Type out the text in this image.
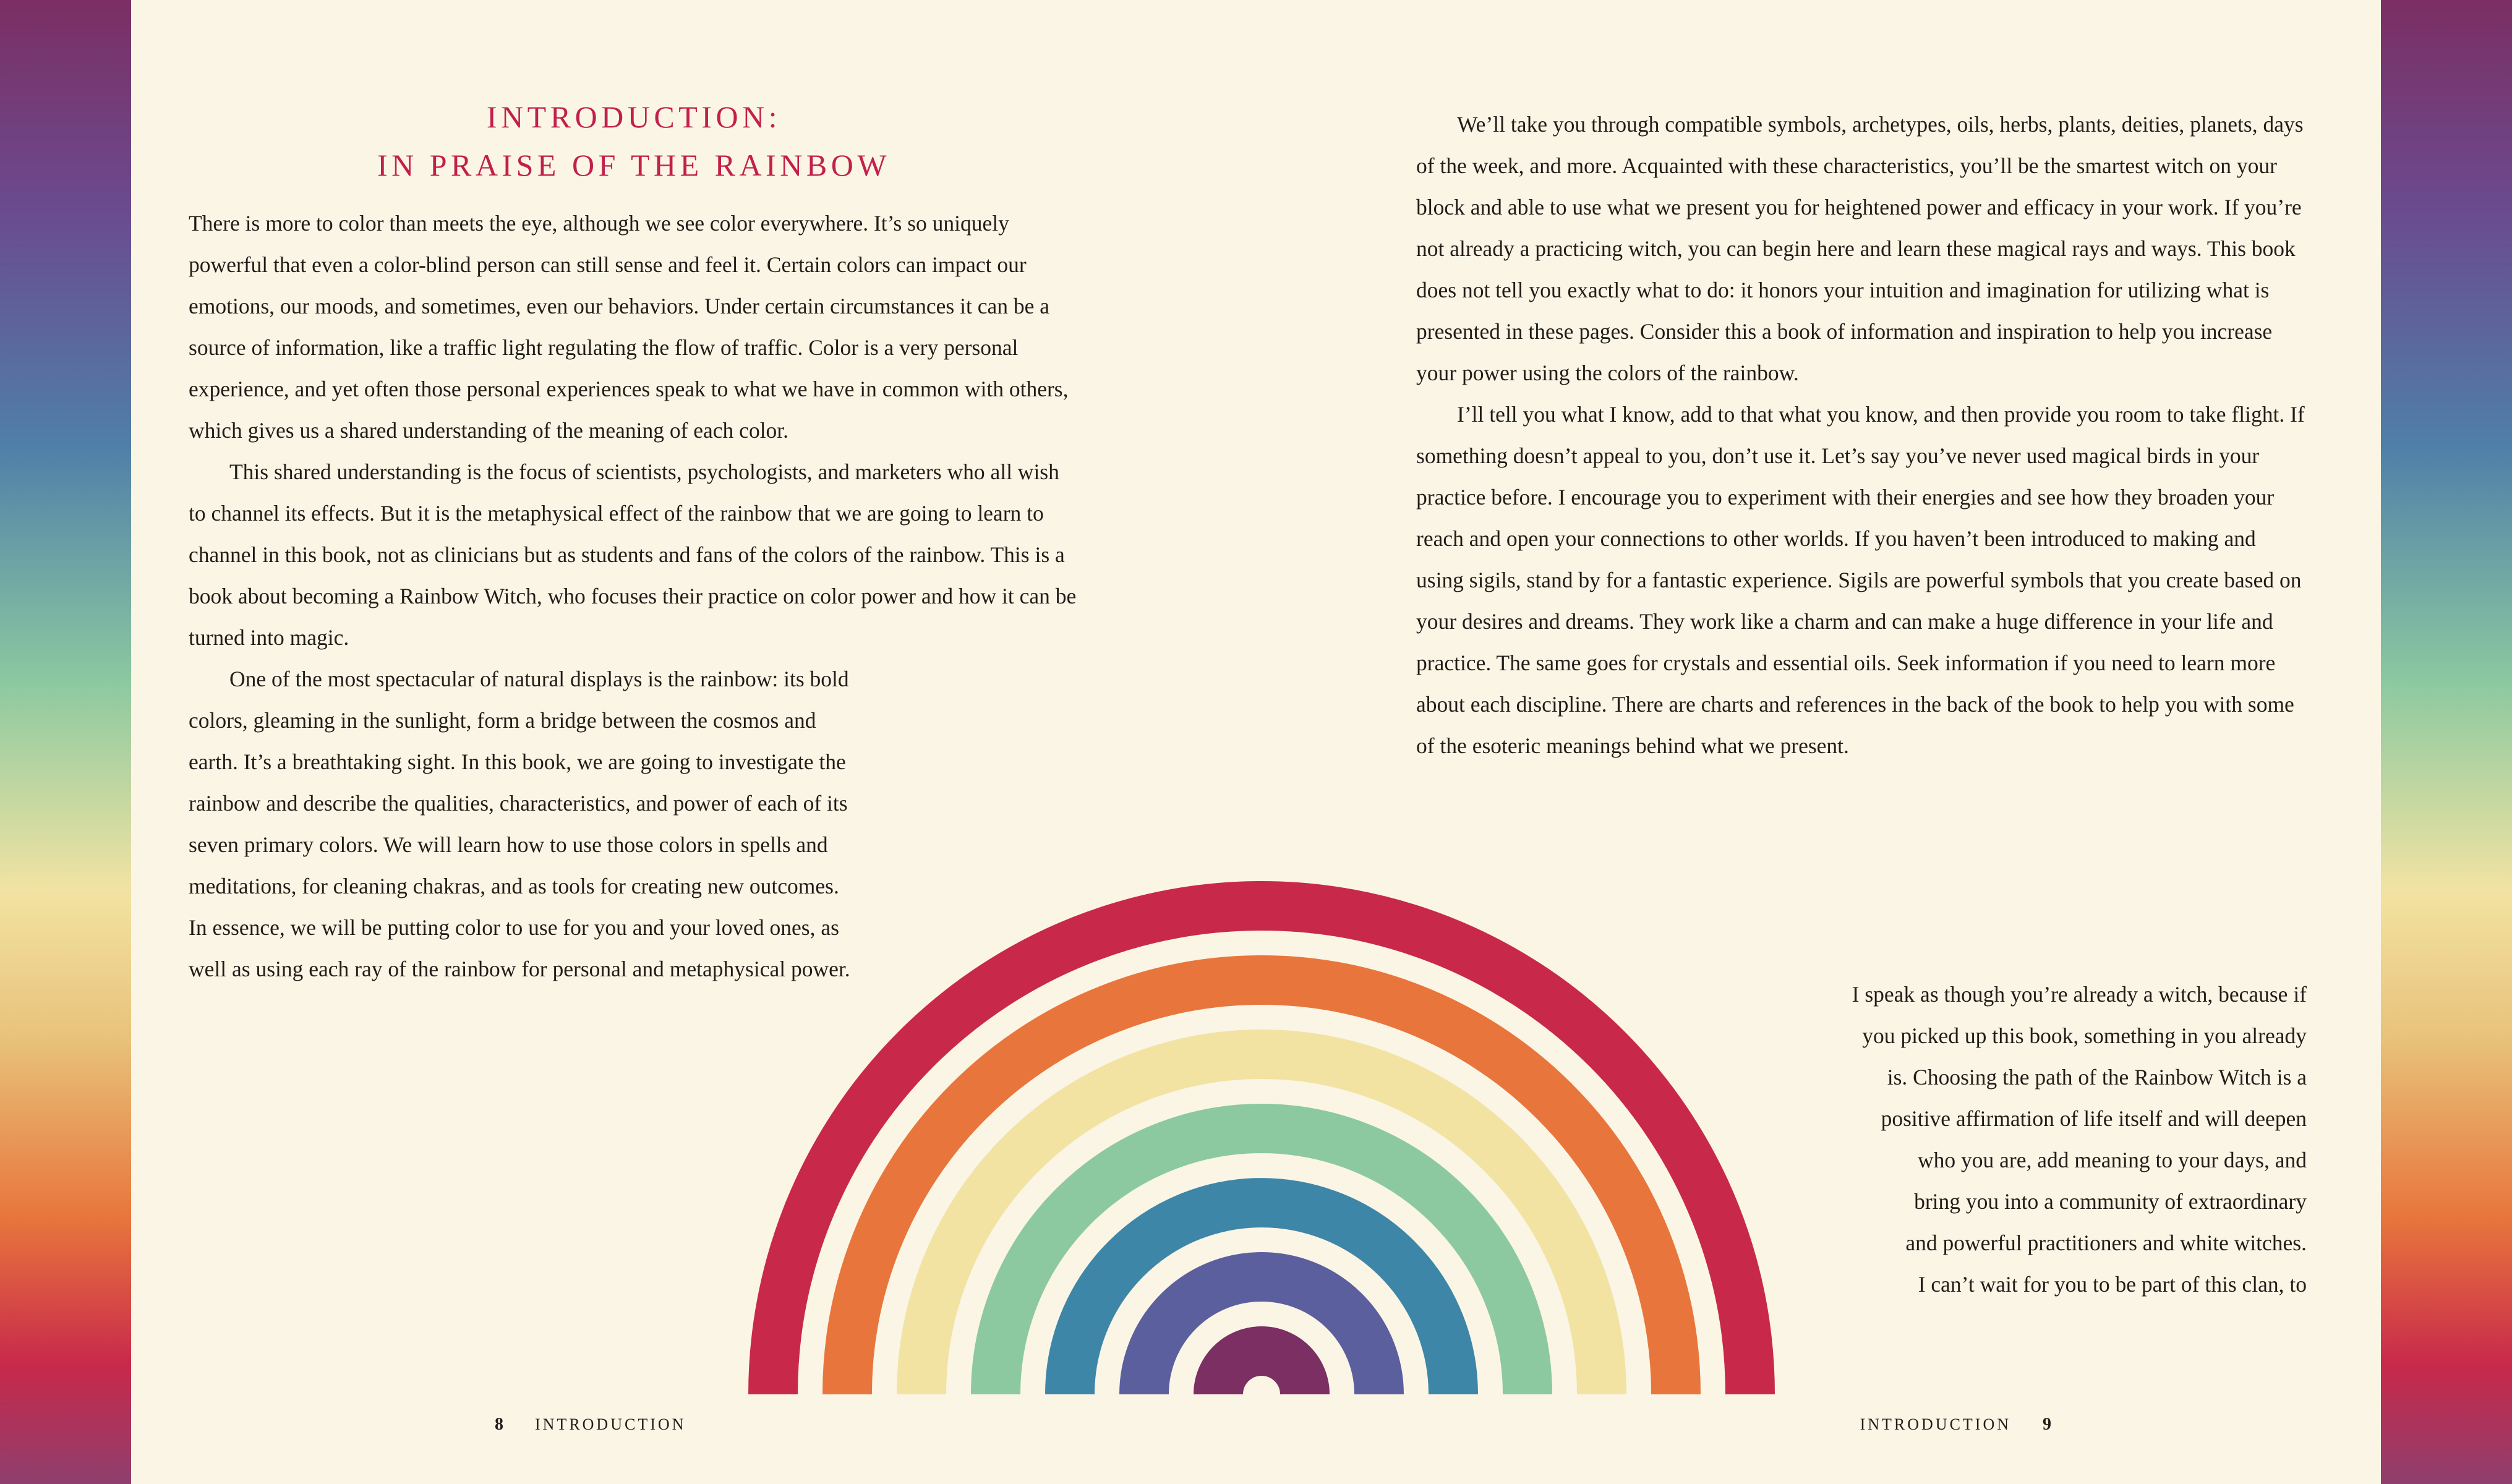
INTRODUCTION:
IN PRAISE OF THE RAINBOW

There is more to color than meets the eye, although we see color everywhere. It’s so uniquely powerful that even a color-blind person can still sense and feel it. Certain colors can impact our emotions, our moods, and sometimes, even our behaviors. Under certain circumstances it can be a source of information, like a traffic light regulating the flow of traffic. Color is a very personal experience, and yet often those personal experiences speak to what we have in common with others, which gives us a shared understanding of the meaning of each color.

This shared understanding is the focus of scientists, psychologists, and marketers who all wish to channel its effects. But it is the metaphysical effect of the rainbow that we are going to learn to channel in this book, not as clinicians but as students and fans of the colors of the rainbow. This is a book about becoming a Rainbow Witch, who focuses their practice on color power and how it can be turned into magic.

One of the most spectacular of natural displays is the rainbow: its bold colors, gleaming in the sunlight, form a bridge between the cosmos and earth. It’s a breathtaking sight. In this book, we are going to investigate the rainbow and describe the qualities, characteristics, and power of each of its seven primary colors. We will learn how to use those colors in spells and meditations, for cleaning chakras, and as tools for creating new outcomes. In essence, we will be putting color to use for you and your loved ones, as well as using each ray of the rainbow for personal and metaphysical power.

8 INTRODUCTION

We’ll take you through compatible symbols, archetypes, oils, herbs, plants, deities, planets, days of the week, and more. Acquainted with these characteristics, you’ll be the smartest witch on your block and able to use what we present you for heightened power and efficacy in your work. If you’re not already a practicing witch, you can begin here and learn these magical rays and ways. This book does not tell you exactly what to do: it honors your intuition and imagination for utilizing what is presented in these pages. Consider this a book of information and inspiration to help you increase your power using the colors of the rainbow.

I’ll tell you what I know, add to that what you know, and then provide you room to take flight. If something doesn’t appeal to you, don’t use it. Let’s say you’ve never used magical birds in your practice before. I encourage you to experiment with their energies and see how they broaden your reach and open your connections to other worlds. If you haven’t been introduced to making and using sigils, stand by for a fantastic experience. Sigils are powerful symbols that you create based on your desires and dreams. They work like a charm and can make a huge difference in your life and practice. The same goes for crystals and essential oils. Seek information if you need to learn more about each discipline. There are charts and references in the back of the book to help you with some of the esoteric meanings behind what we present.

I speak as though you’re already a witch, because if

you picked up this book, something in you already

is. Choosing the path of the Rainbow Witch is a

positive affirmation of life itself and will deepen

who you are, add meaning to your days, and

bring you into a community of extraordinary

and powerful practitioners and white witches.

I can’t wait for you to be part of this clan, to

INTRODUCTION 9
